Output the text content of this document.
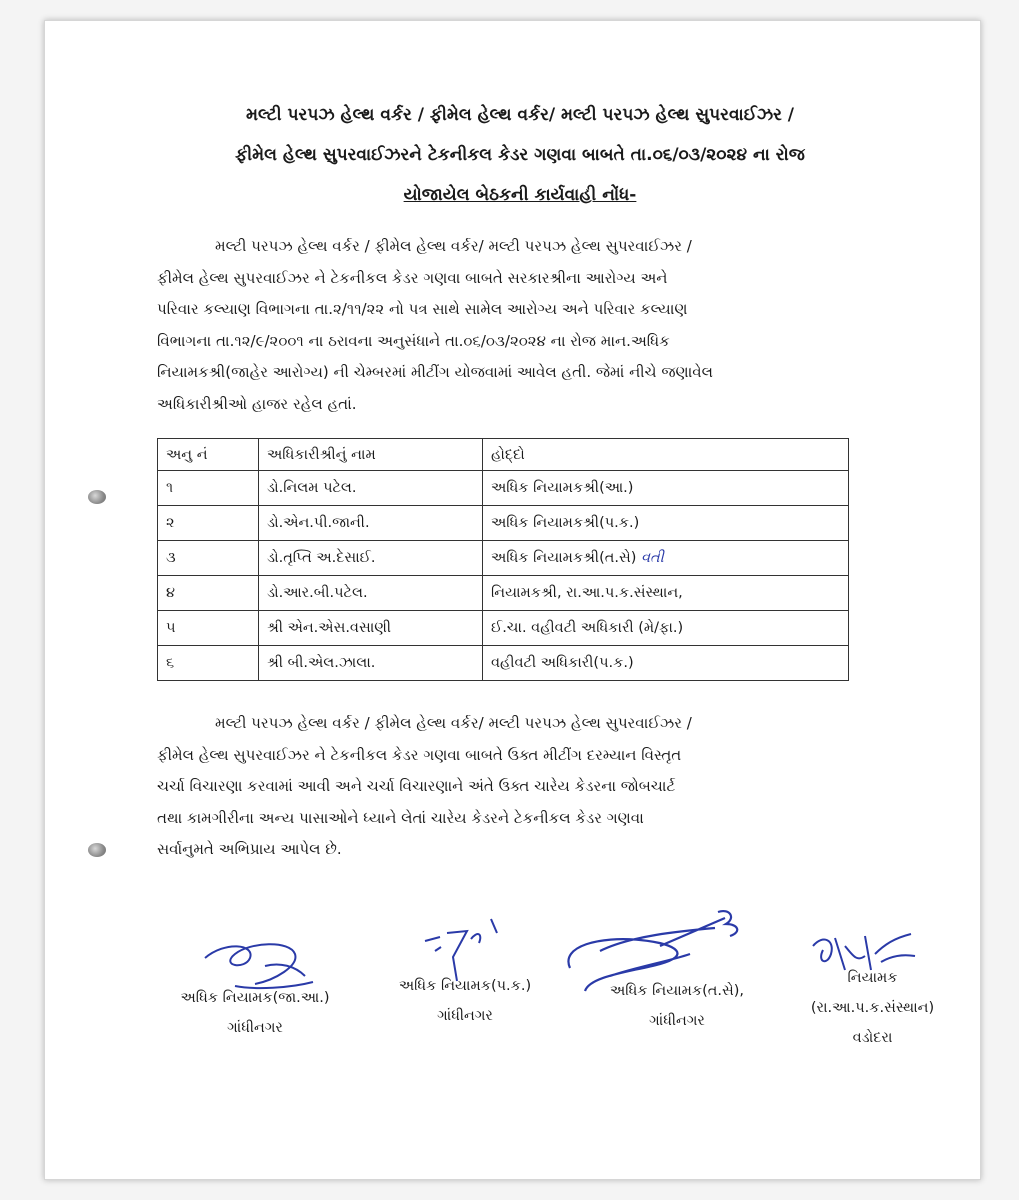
મલ્ટી પરપઝ હેલ્થ વર્કર / ફીમેલ હેલ્થ વર્કર/ મલ્ટી પરપઝ હેલ્થ સુપરવાઈઝર /
ફીમેલ હેલ્થ સુપરવાઈઝરને ટેકનીકલ કેડર ગણવા બાબતે તા.૦૬/૦૩/૨૦૨૪ ના રોજ
યોજાયેલ બેઠકની કાર્યવાહી નોંધ-
મલ્ટી પરપઝ હેલ્થ વર્કર / ફીમેલ હેલ્થ વર્કર/ મલ્ટી પરપઝ હેલ્થ સુપરવાઈઝર /
ફીમેલ હેલ્થ સુપરવાઈઝર ને ટેકનીકલ કેડર ગણવા બાબતે સરકારશ્રીના આરોગ્ય અને
પરિવાર કલ્યાણ વિભાગના તા.૨/૧૧/૨૨ નો પત્ર સાથે સામેલ આરોગ્ય અને પરિવાર કલ્યાણ
વિભાગના તા.૧૨/૯/૨૦૦૧ ના ઠરાવના અનુસંધાને તા.૦૬/૦૩/૨૦૨૪ ના રોજ માન.અધિક
નિયામકશ્રી(જાહેર આરોગ્ય) ની ચેમ્બરમાં મીટીંગ યોજવામાં આવેલ હતી. જેમાં નીચે જણાવેલ
અધિકારીશ્રીઓ હાજર રહેલ હતાં.
અનુ નં	અધિકારીશ્રીનું નામ	હોદ્દો
૧	ડો.નિલમ પટેલ.	અધિક નિયામકશ્રી(આ.)
૨	ડો.એન.પી.જાની.	અધિક નિયામકશ્રી(પ.ક.)
૩	ડો.તૃપ્તિ અ.દેસાઈ.	અધિક નિયામકશ્રી(ત.સે) વતી
૪	ડો.આર.બી.પટેલ.	નિયામકશ્રી, રા.આ.પ.ક.સંસ્થાન,
૫	શ્રી એન.એસ.વસાણી	ઈ.ચા. વહીવટી અધિકારી (મે/ફા.)
૬	શ્રી બી.એલ.ઝાલા.	વહીવટી અધિકારી(પ.ક.)
મલ્ટી પરપઝ હેલ્થ વર્કર / ફીમેલ હેલ્થ વર્કર/ મલ્ટી પરપઝ હેલ્થ સુપરવાઈઝર /
ફીમેલ હેલ્થ સુપરવાઈઝર ને ટેકનીકલ કેડર ગણવા બાબતે ઉક્ત મીટીંગ દરમ્યાન વિસ્તૃત
ચર્ચા વિચારણા કરવામાં આવી અને ચર્ચા વિચારણાને અંતે ઉક્ત ચારેય કેડરના જોબચાર્ટ
તથા કામગીરીના અન્ય પાસાઓને ધ્યાને લેતાં ચારેય કેડરને ટેકનીકલ કેડર ગણવા
સર્વાનુમતે અભિપ્રાય આપેલ છે.
અધિક નિયામક(જા.આ.)
ગાંધીનગર
અધિક નિયામક(પ.ક.)
ગાંધીનગર
અધિક નિયામક(ત.સે),
ગાંધીનગર
નિયામક
(રા.આ.પ.ક.સંસ્થાન)
વડોદરા
